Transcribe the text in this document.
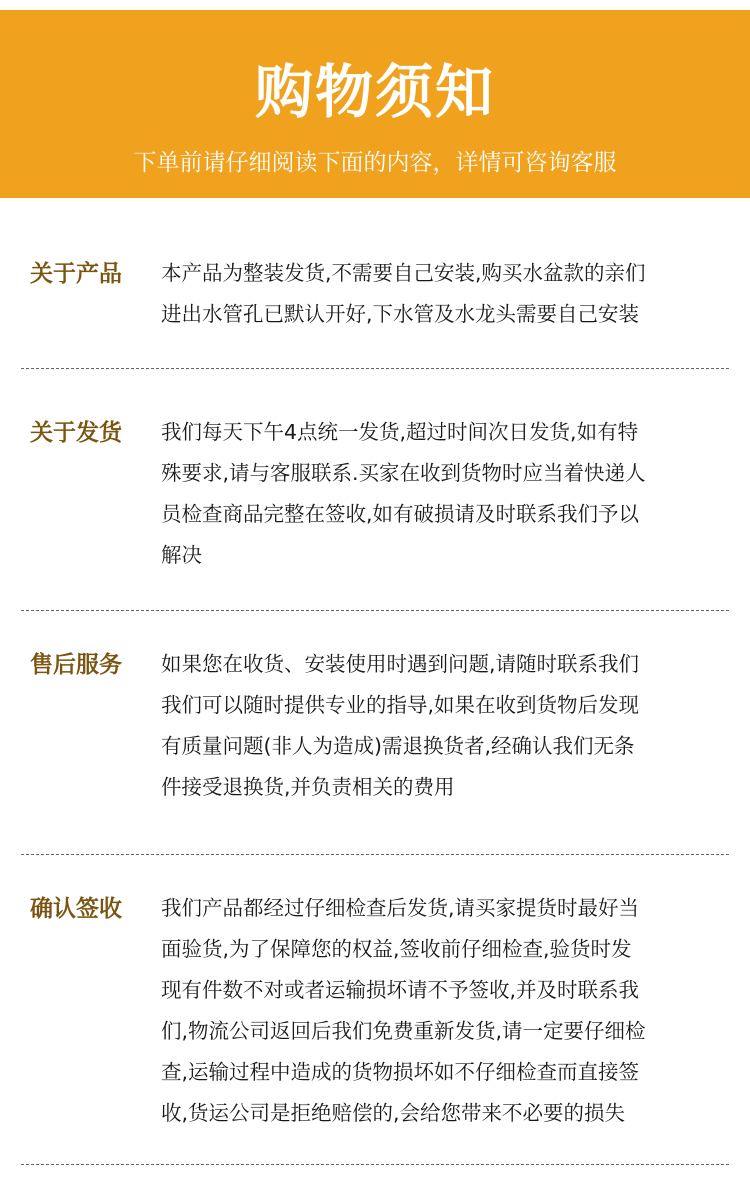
购物须知
下单前请仔细阅读下面的内容，详情可咨询客服
关于产品 本产品为整装发货,不需要自己安装,购买水盆款的亲们
进出水管孔已默认开好,下水管及水龙头需要自己安装
关于发货 我们每天下午4点统一发货,超过时间次日发货,如有特
殊要求,请与客服联系.买家在收到货物时应当着快递人
员检查商品完整在签收,如有破损请及时联系我们予以
解决
售后服务 如果您在收货、安装使用时遇到问题,请随时联系我们
我们可以随时提供专业的指导,如果在收到货物后发现
有质量问题(非人为造成)需退换货者,经确认我们无条
件接受退换货,并负责相关的费用
确认签收 我们产品都经过仔细检查后发货,请买家提货时最好当
面验货,为了保障您的权益,签收前仔细检查,验货时发
现有件数不对或者运输损坏请不予签收,并及时联系我
们,物流公司返回后我们免费重新发货,请一定要仔细检
查,运输过程中造成的货物损坏如不仔细检查而直接签
收,货运公司是拒绝赔偿的,会给您带来不必要的损失
